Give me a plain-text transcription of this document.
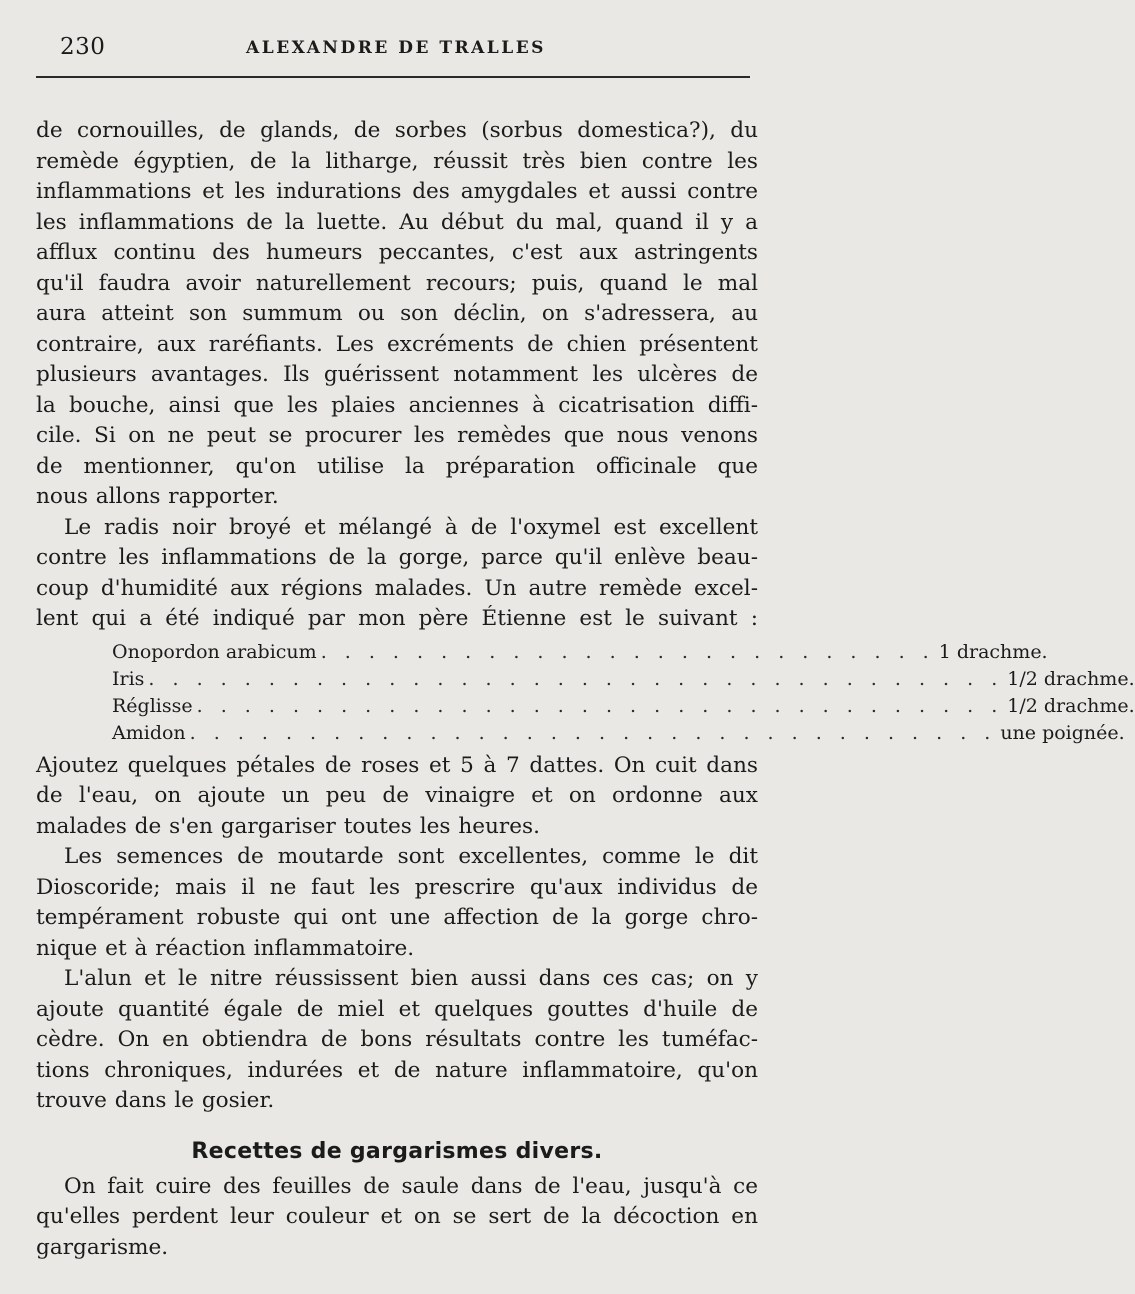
230	ALEXANDRE DE TRALLES

de cornouilles, de glands, de sorbes (sorbus domestica?), du
remède égyptien, de la litharge, réussit très bien contre les
inflammations et les indurations des amygdales et aussi contre
les inflammations de la luette. Au début du mal, quand il y a
afflux continu des humeurs peccantes, c'est aux astringents
qu'il faudra avoir naturellement recours; puis, quand le mal
aura atteint son summum ou son déclin, on s'adressera, au
contraire, aux raréfiants. Les excréments de chien présentent
plusieurs avantages. Ils guérissent notamment les ulcères de
la bouche, ainsi que les plaies anciennes à cicatrisation diffi-
cile. Si on ne peut se procurer les remèdes que nous venons
de mentionner, qu'on utilise la préparation officinale que
nous allons rapporter.

Le radis noir broyé et mélangé à de l'oxymel est excellent
contre les inflammations de la gorge, parce qu'il enlève beau-
coup d'humidité aux régions malades. Un autre remède excel-
lent qui a été indiqué par mon père Étienne est le suivant :

Onopordon arabicum . . . . . . . . . . . . . . . . . . . . . . . . . . 1 drachme.
Iris . . . . . . . . . . . . . . . . . . . . . . . . . . . . . . . . . . . . 1/2 drachme.
Réglisse . . . . . . . . . . . . . . . . . . . . . . . . . . . . . . . . . . 1/2 drachme.
Amidon . . . . . . . . . . . . . . . . . . . . . . . . . . . . . . . . . . une poignée.

Ajoutez quelques pétales de roses et 5 à 7 dattes. On cuit dans
de l'eau, on ajoute un peu de vinaigre et on ordonne aux
malades de s'en gargariser toutes les heures.

Les semences de moutarde sont excellentes, comme le dit
Dioscoride; mais il ne faut les prescrire qu'aux individus de
tempérament robuste qui ont une affection de la gorge chro-
nique et à réaction inflammatoire.

L'alun et le nitre réussissent bien aussi dans ces cas; on y
ajoute quantité égale de miel et quelques gouttes d'huile de
cèdre. On en obtiendra de bons résultats contre les tuméfac-
tions chroniques, indurées et de nature inflammatoire, qu'on
trouve dans le gosier.

Recettes de gargarismes divers.

On fait cuire des feuilles de saule dans de l'eau, jusqu'à ce
qu'elles perdent leur couleur et on se sert de la décoction en
gargarisme.
